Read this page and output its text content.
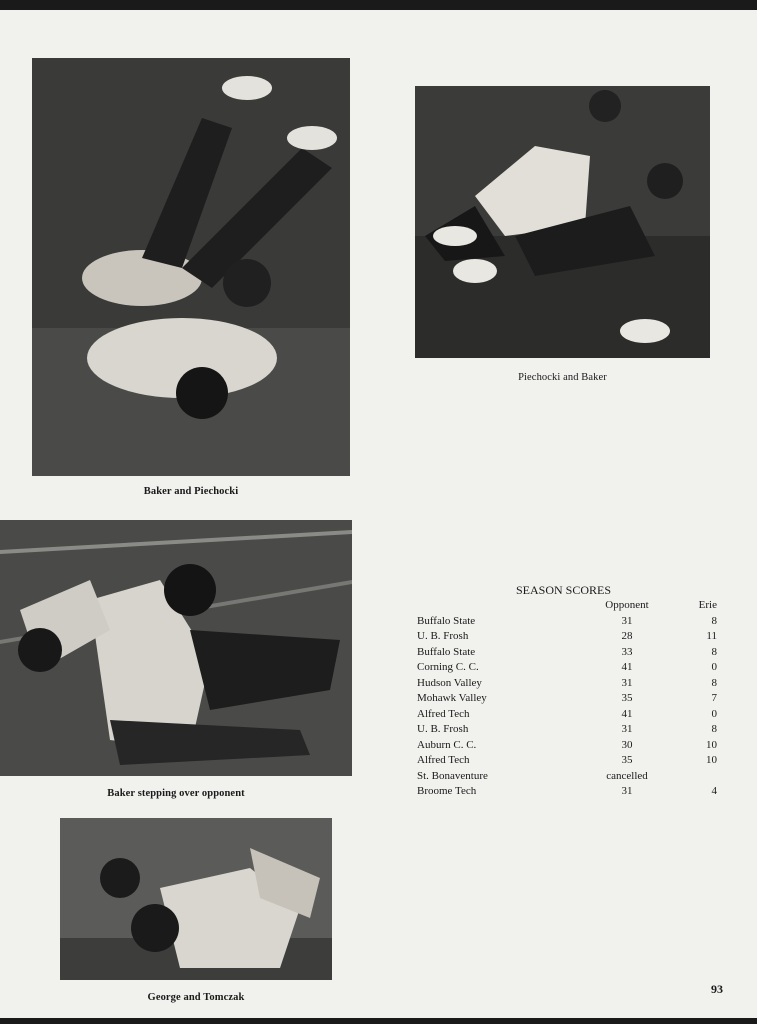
Baker and Piechocki
Piechocki and Baker
Baker stepping over opponent
George and Tomczak
SEASON SCORES
	Opponent	Erie
Buffalo State	31	8
U. B. Frosh	28	11
Buffalo State	33	8
Corning C. C.	41	0
Hudson Valley	31	8
Mohawk Valley	35	7
Alfred Tech	41	0
U. B. Frosh	31	8
Auburn C. C.	30	10
Alfred Tech	35	10
St. Bonaventure	cancelled	
Broome Tech	31	4
93
